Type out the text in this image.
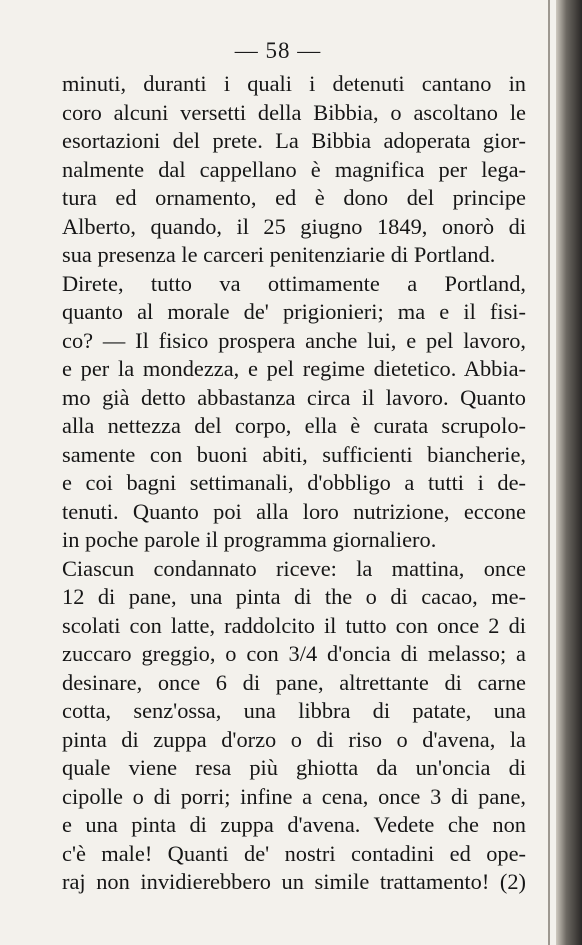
— 58 —
minuti, duranti i quali i detenuti cantano in
coro alcuni versetti della Bibbia, o ascoltano le
esortazioni del prete. La Bibbia adoperata gior-
nalmente dal cappellano è magnifica per lega-
tura ed ornamento, ed è dono del principe
Alberto, quando, il 25 giugno 1849, onorò di
sua presenza le carceri penitenziarie di Portland.
Direte, tutto va ottimamente a Portland,
quanto al morale de' prigionieri; ma e il fisi-
co? — Il fisico prospera anche lui, e pel lavoro,
e per la mondezza, e pel regime dietetico. Abbia-
mo già detto abbastanza circa il lavoro. Quanto
alla nettezza del corpo, ella è curata scrupolo-
samente con buoni abiti, sufficienti biancherie,
e coi bagni settimanali, d'obbligo a tutti i de-
tenuti. Quanto poi alla loro nutrizione, eccone
in poche parole il programma giornaliero.
Ciascun condannato riceve: la mattina, once
12 di pane, una pinta di the o di cacao, me-
scolati con latte, raddolcito il tutto con once 2 di
zuccaro greggio, o con 3/4 d'oncia di melasso; a
desinare, once 6 di pane, altrettante di carne
cotta, senz'ossa, una libbra di patate, una
pinta di zuppa d'orzo o di riso o d'avena, la
quale viene resa più ghiotta da un'oncia di
cipolle o di porri; infine a cena, once 3 di pane,
e una pinta di zuppa d'avena. Vedete che non
c'è male! Quanti de' nostri contadini ed ope-
raj non invidierebbero un simile trattamento! (2)
